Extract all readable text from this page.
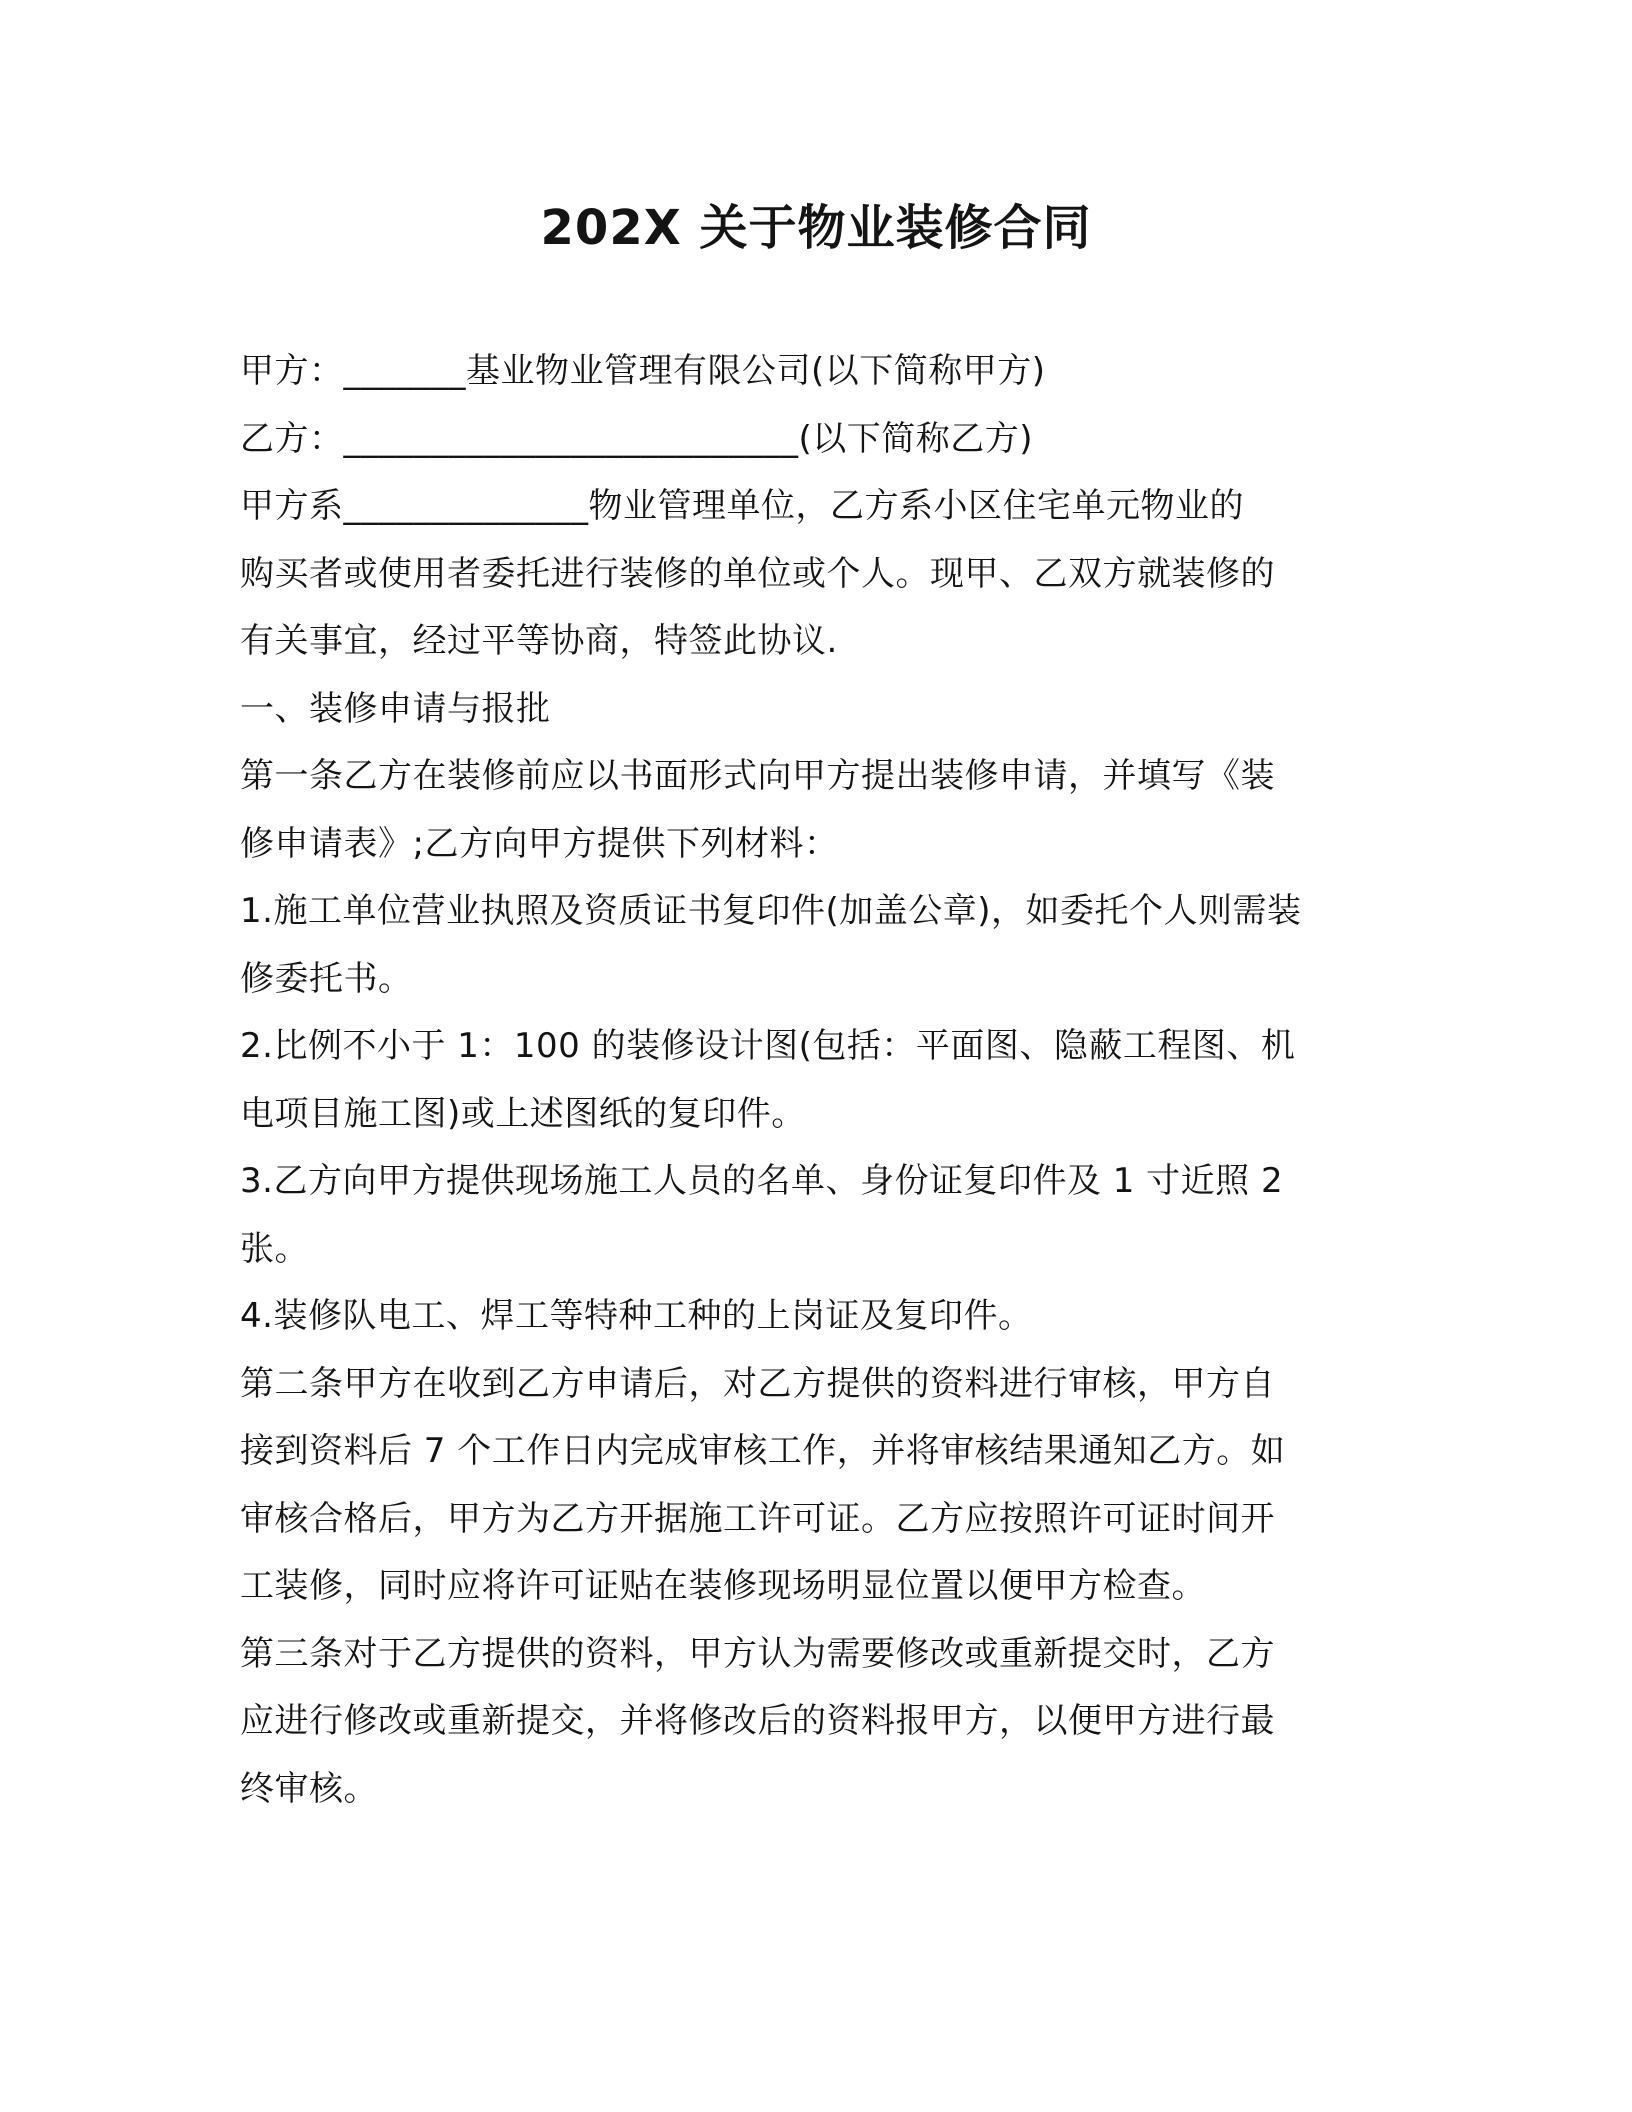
202X 关于物业装修合同

甲方：_______基业物业管理有限公司(以下简称甲方)

乙方：__________________________(以下简称乙方)

甲方系______________物业管理单位，乙方系小区住宅单元物业的

购买者或使用者委托进行装修的单位或个人。现甲、乙双方就装修的

有关事宜，经过平等协商，特签此协议.

一、装修申请与报批

第一条乙方在装修前应以书面形式向甲方提出装修申请，并填写《装

修申请表》;乙方向甲方提供下列材料：

1.施工单位营业执照及资质证书复印件(加盖公章)，如委托个人则需装

修委托书。

2.比例不小于 1：100 的装修设计图(包括：平面图、隐蔽工程图、机

电项目施工图)或上述图纸的复印件。

3.乙方向甲方提供现场施工人员的名单、身份证复印件及 1 寸近照 2

张。

4.装修队电工、焊工等特种工种的上岗证及复印件。

第二条甲方在收到乙方申请后，对乙方提供的资料进行审核，甲方自

接到资料后 7 个工作日内完成审核工作，并将审核结果通知乙方。如

审核合格后，甲方为乙方开据施工许可证。乙方应按照许可证时间开

工装修，同时应将许可证贴在装修现场明显位置以便甲方检查。

第三条对于乙方提供的资料，甲方认为需要修改或重新提交时，乙方

应进行修改或重新提交，并将修改后的资料报甲方，以便甲方进行最

终审核。
